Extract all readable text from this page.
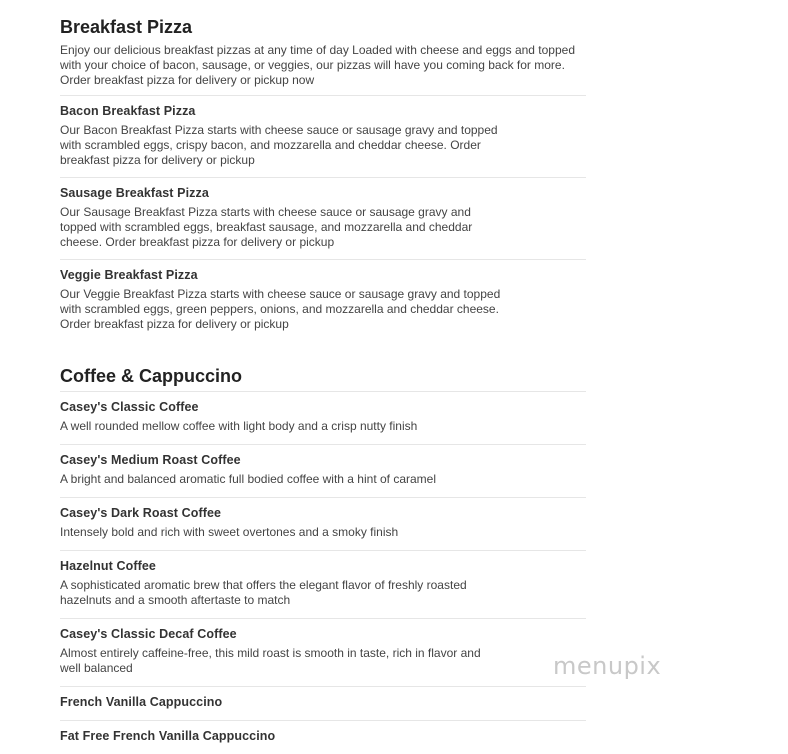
Breakfast Pizza
Enjoy our delicious breakfast pizzas at any time of day Loaded with cheese and eggs and topped with your choice of bacon, sausage, or veggies, our pizzas will have you coming back for more. Order breakfast pizza for delivery or pickup now
Bacon Breakfast Pizza
Our Bacon Breakfast Pizza starts with cheese sauce or sausage gravy and topped with scrambled eggs, crispy bacon, and mozzarella and cheddar cheese. Order breakfast pizza for delivery or pickup
Sausage Breakfast Pizza
Our Sausage Breakfast Pizza starts with cheese sauce or sausage gravy and topped with scrambled eggs, breakfast sausage, and mozzarella and cheddar cheese. Order breakfast pizza for delivery or pickup
Veggie Breakfast Pizza
Our Veggie Breakfast Pizza starts with cheese sauce or sausage gravy and topped with scrambled eggs, green peppers, onions, and mozzarella and cheddar cheese. Order breakfast pizza for delivery or pickup
Coffee & Cappuccino
Casey's Classic Coffee
A well rounded mellow coffee with light body and a crisp nutty finish
Casey's Medium Roast Coffee
A bright and balanced aromatic full bodied coffee with a hint of caramel
Casey's Dark Roast Coffee
Intensely bold and rich with sweet overtones and a smoky finish
Hazelnut Coffee
A sophisticated aromatic brew that offers the elegant flavor of freshly roasted hazelnuts and a smooth aftertaste to match
Casey's Classic Decaf Coffee
Almost entirely caffeine-free, this mild roast is smooth in taste, rich in flavor and well balanced
French Vanilla Cappuccino
Fat Free French Vanilla Cappuccino
menupix
